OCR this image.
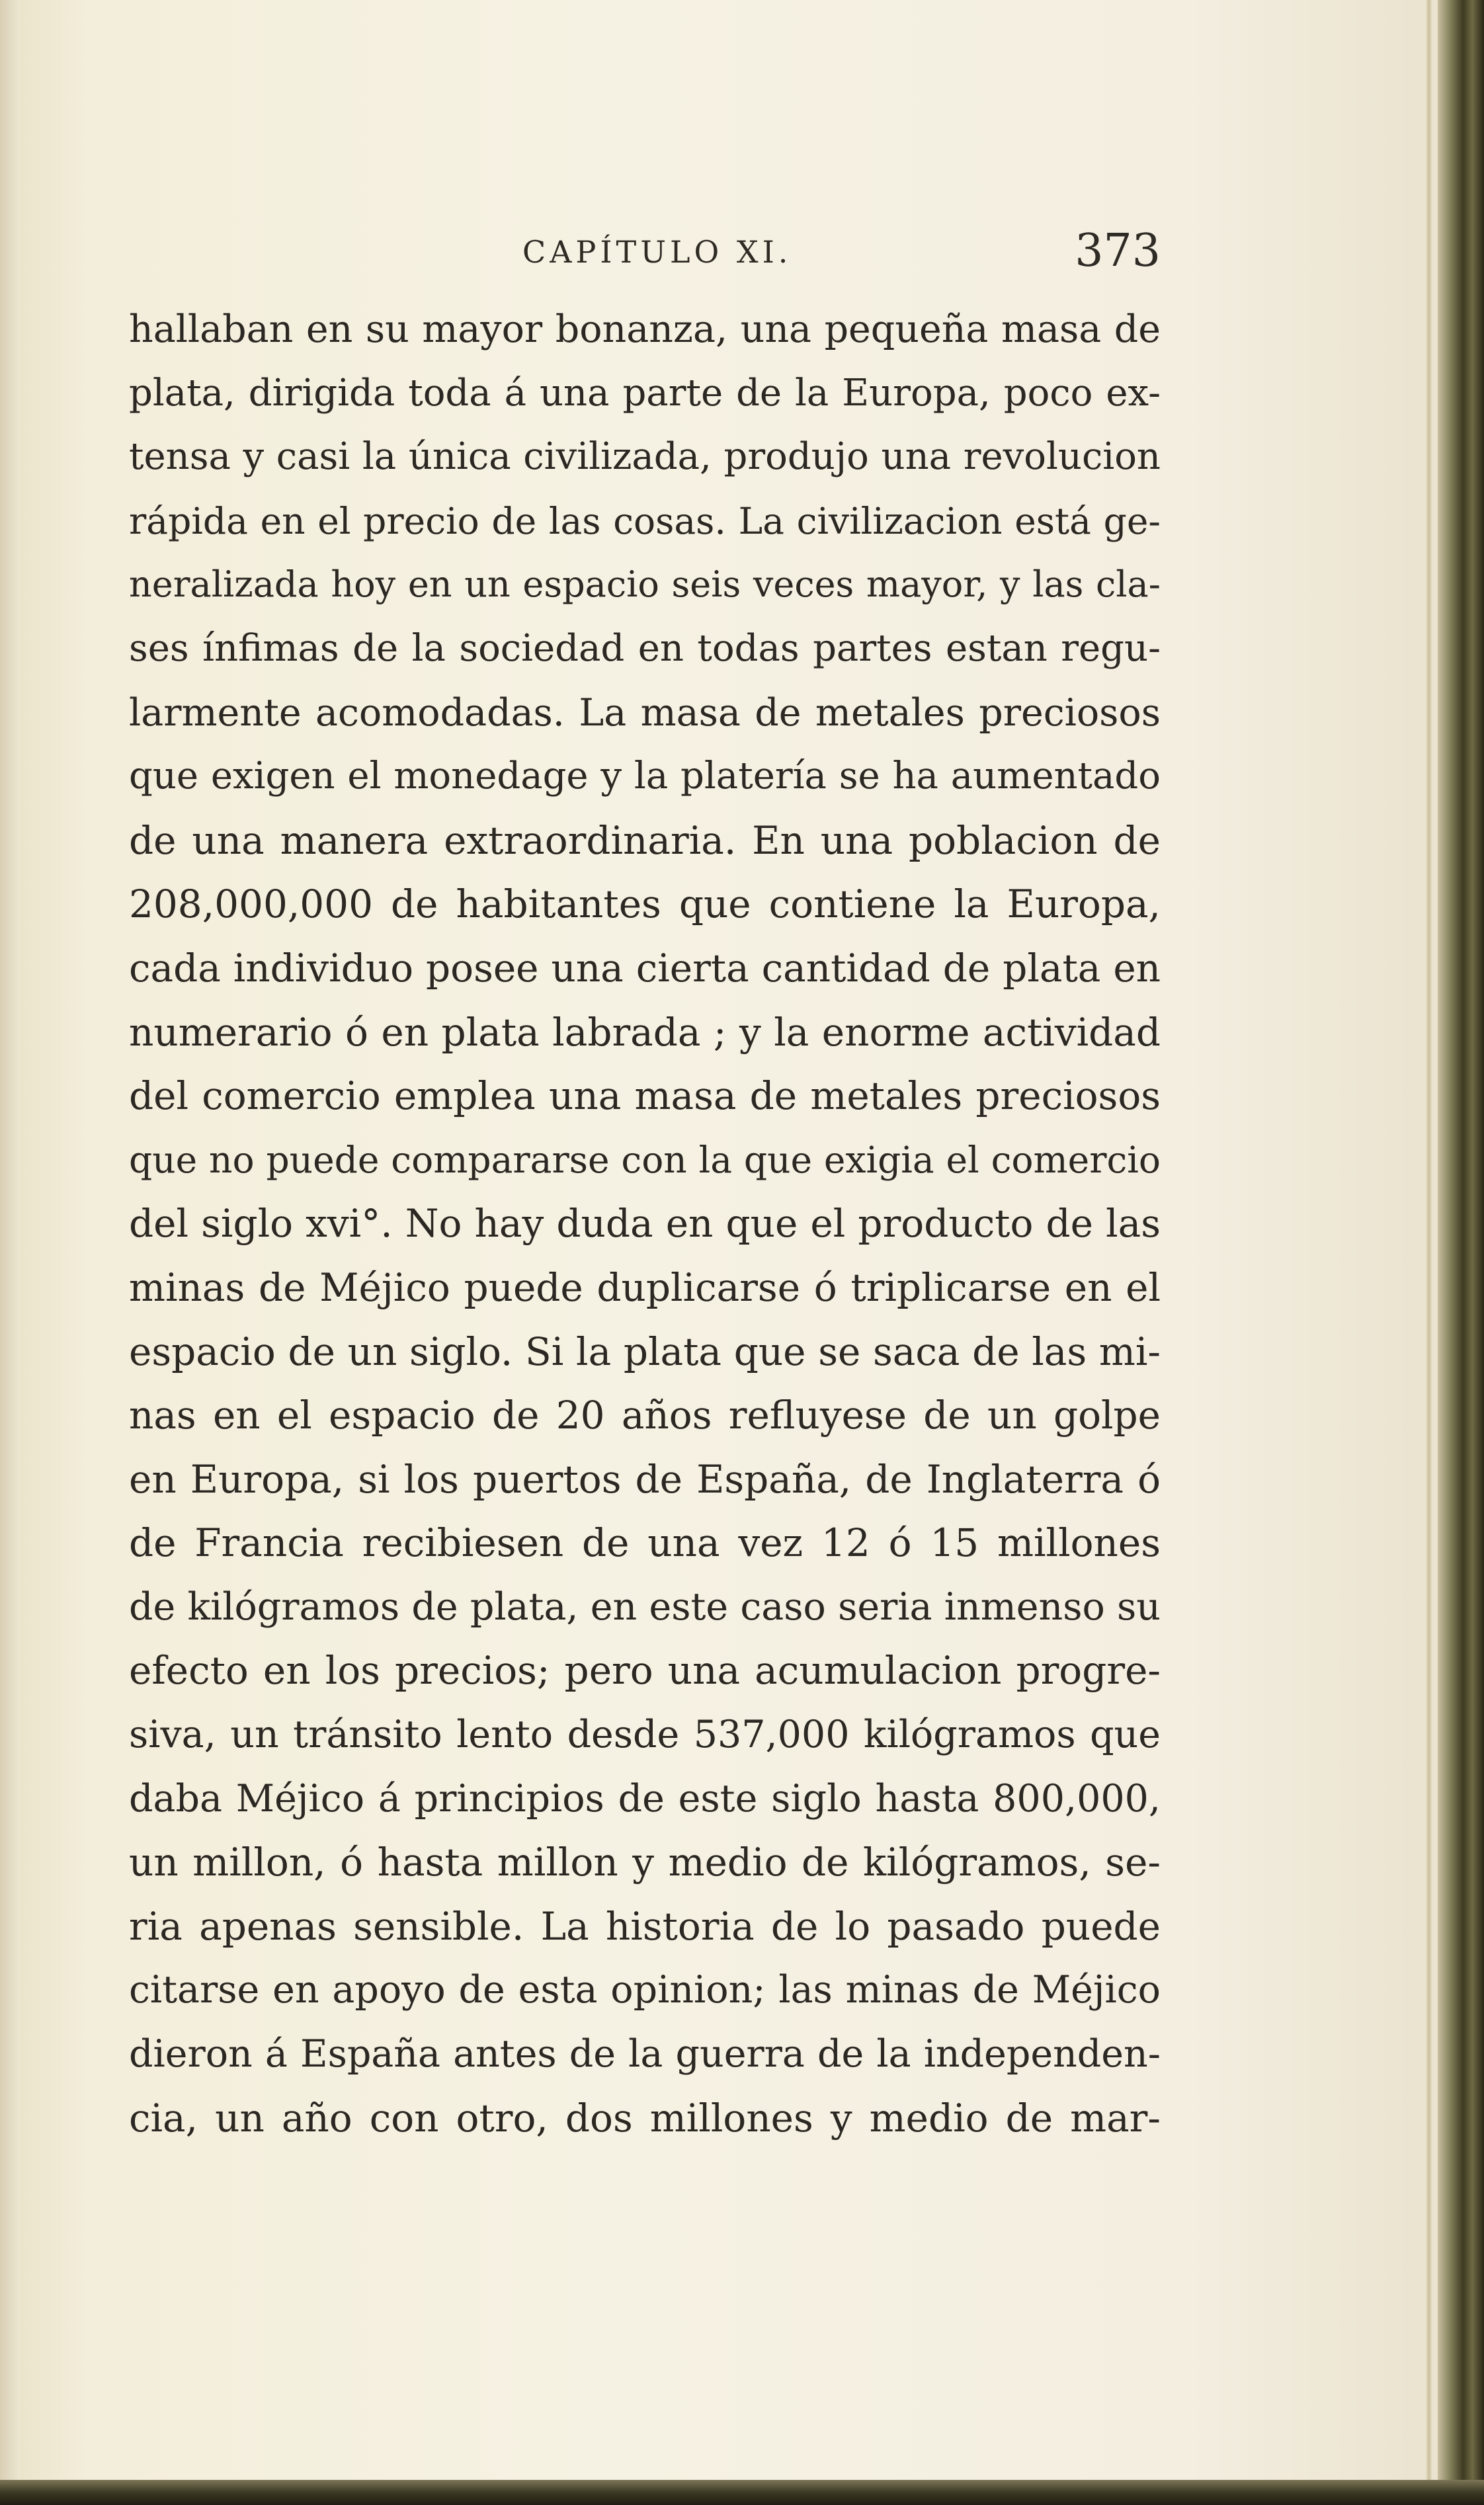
CAPÍTULO XI.	373
hallaban en su mayor bonanza, una pequeña masa de
plata, dirigida toda á una parte de la Europa, poco ex-
tensa y casi la única civilizada, produjo una revolucion
rápida en el precio de las cosas. La civilizacion está ge-
neralizada hoy en un espacio seis veces mayor, y las cla-
ses ínfimas de la sociedad en todas partes estan regu-
larmente acomodadas. La masa de metales preciosos
que exigen el monedage y la platería se ha aumentado
de una manera extraordinaria. En una poblacion de
208,000,000 de habitantes que contiene la Europa,
cada individuo posee una cierta cantidad de plata en
numerario ó en plata labrada ; y la enorme actividad
del comercio emplea una masa de metales preciosos
que no puede compararse con la que exigia el comercio
del siglo xvi°. No hay duda en que el producto de las
minas de Méjico puede duplicarse ó triplicarse en el
espacio de un siglo. Si la plata que se saca de las mi-
nas en el espacio de 20 años refluyese de un golpe
en Europa, si los puertos de España, de Inglaterra ó
de Francia recibiesen de una vez 12 ó 15 millones
de kilógramos de plata, en este caso seria inmenso su
efecto en los precios; pero una acumulacion progre-
siva, un tránsito lento desde 537,000 kilógramos que
daba Méjico á principios de este siglo hasta 800,000,
un millon, ó hasta millon y medio de kilógramos, se-
ria apenas sensible. La historia de lo pasado puede
citarse en apoyo de esta opinion; las minas de Méjico
dieron á España antes de la guerra de la independen-
cia, un año con otro, dos millones y medio de mar-
